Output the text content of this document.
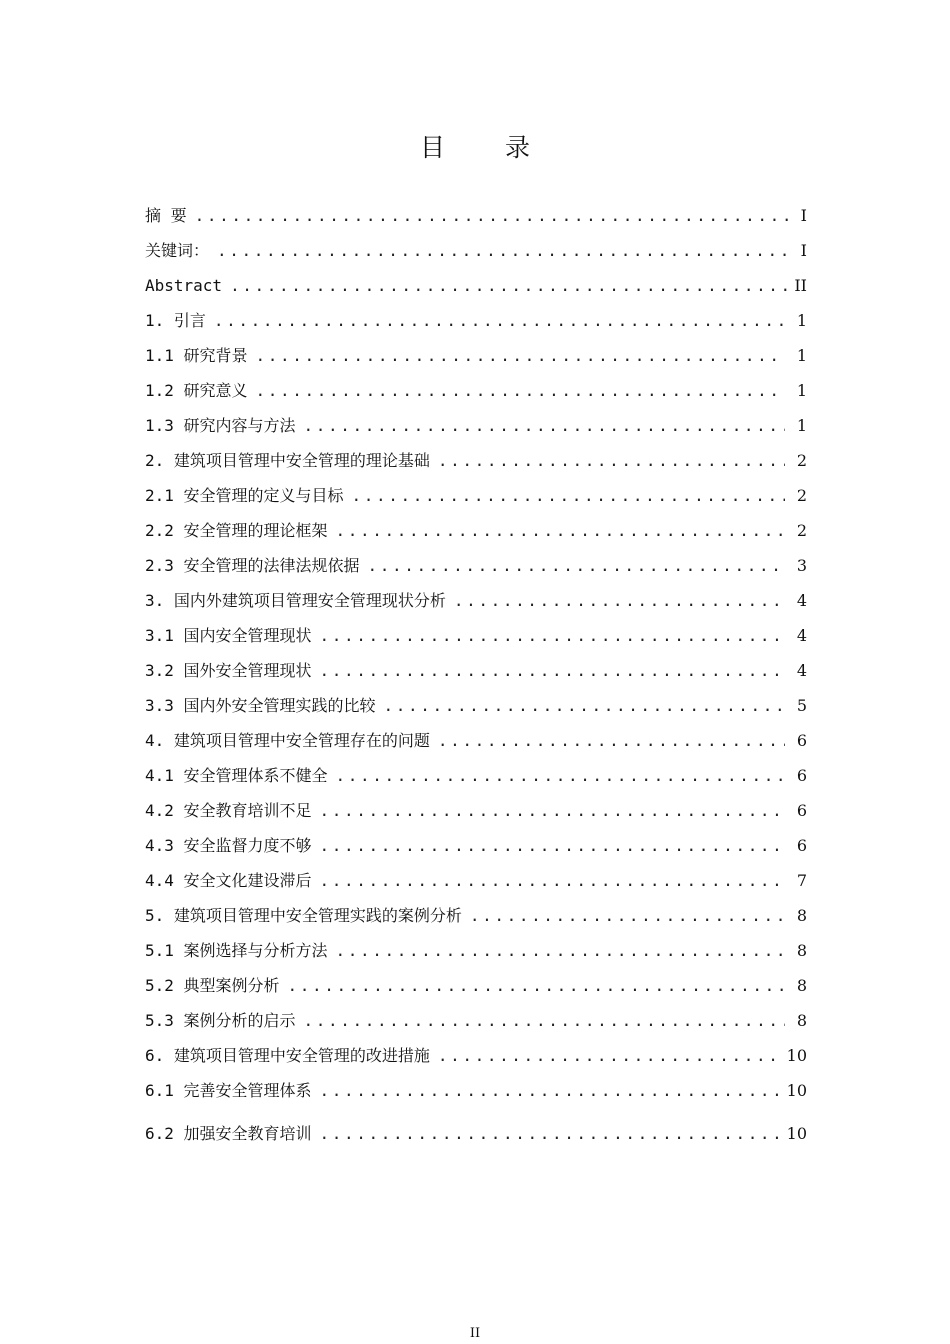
目 录
摘 要 .....	I
关键词： .....	I
Abstract .....	II
1. 引言 .....	1
1.1 研究背景 .....	1
1.2 研究意义 .....	1
1.3 研究内容与方法 .....	1
2. 建筑项目管理中安全管理的理论基础 .....	2
2.1 安全管理的定义与目标 .....	2
2.2 安全管理的理论框架 .....	2
2.3 安全管理的法律法规依据 .....	3
3. 国内外建筑项目管理安全管理现状分析 .....	4
3.1 国内安全管理现状 .....	4
3.2 国外安全管理现状 .....	4
3.3 国内外安全管理实践的比较 .....	5
4. 建筑项目管理中安全管理存在的问题 .....	6
4.1 安全管理体系不健全 .....	6
4.2 安全教育培训不足 .....	6
4.3 安全监督力度不够 .....	6
4.4 安全文化建设滞后 .....	7
5. 建筑项目管理中安全管理实践的案例分析 .....	8
5.1 案例选择与分析方法 .....	8
5.2 典型案例分析 .....	8
5.3 案例分析的启示 .....	8
6. 建筑项目管理中安全管理的改进措施 .....	10
6.1 完善安全管理体系 .....	10
6.2 加强安全教育培训 .....	10
II
